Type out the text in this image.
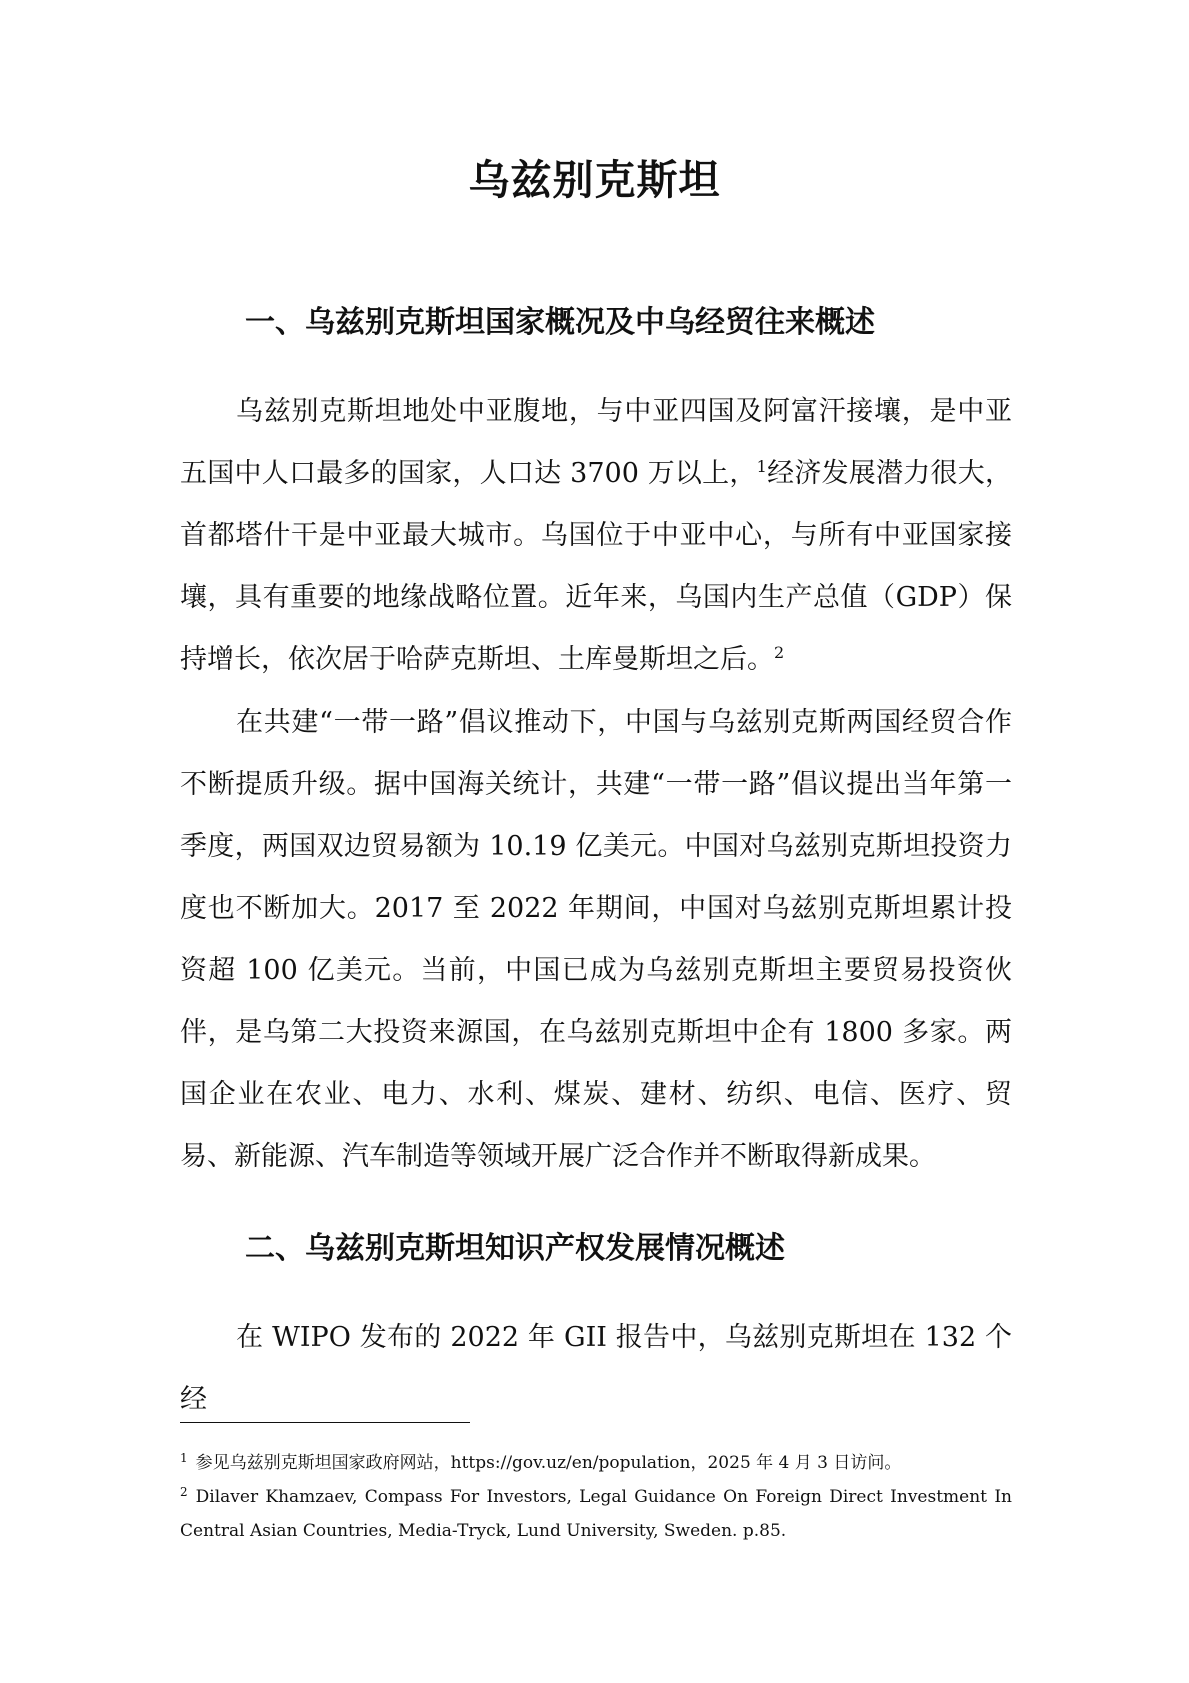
乌兹别克斯坦
一、乌兹别克斯坦国家概况及中乌经贸往来概述

乌兹别克斯坦地处中亚腹地，与中亚四国及阿富汗接壤，是中亚五国中人口最多的国家，人口达 3700 万以上，$^1$经济发展潜力很大，首都塔什干是中亚最大城市。乌国位于中亚中心，与所有中亚国家接壤，具有重要的地缘战略位置。近年来，乌国内生产总值（GDP）保持增长，依次居于哈萨克斯坦、土库曼斯坦之后。$^2$

在共建“一带一路”倡议推动下，中国与乌兹别克斯两国经贸合作不断提质升级。据中国海关统计，共建“一带一路”倡议提出当年第一季度，两国双边贸易额为 10.19 亿美元。中国对乌兹别克斯坦投资力度也不断加大。2017 至 2022 年期间，中国对乌兹别克斯坦累计投资超 100 亿美元。当前，中国已成为乌兹别克斯坦主要贸易投资伙伴，是乌第二大投资来源国，在乌兹别克斯坦中企有 1800 多家。两国企业在农业、电力、水利、煤炭、建材、纺织、电信、医疗、贸易、新能源、汽车制造等领域开展广泛合作并不断取得新成果。

二、乌兹别克斯坦知识产权发展情况概述

在 WIPO 发布的 2022 年 GII 报告中，乌兹别克斯坦在 132 个经

$^1$ 参见乌兹别克斯坦国家政府网站，https://gov.uz/en/population，2025 年 4 月 3 日访问。

$^2$ Dilaver Khamzaev, Compass For Investors, Legal Guidance On Foreign Direct Investment In Central Asian Countries, Media-Tryck, Lund University, Sweden. p.85.
